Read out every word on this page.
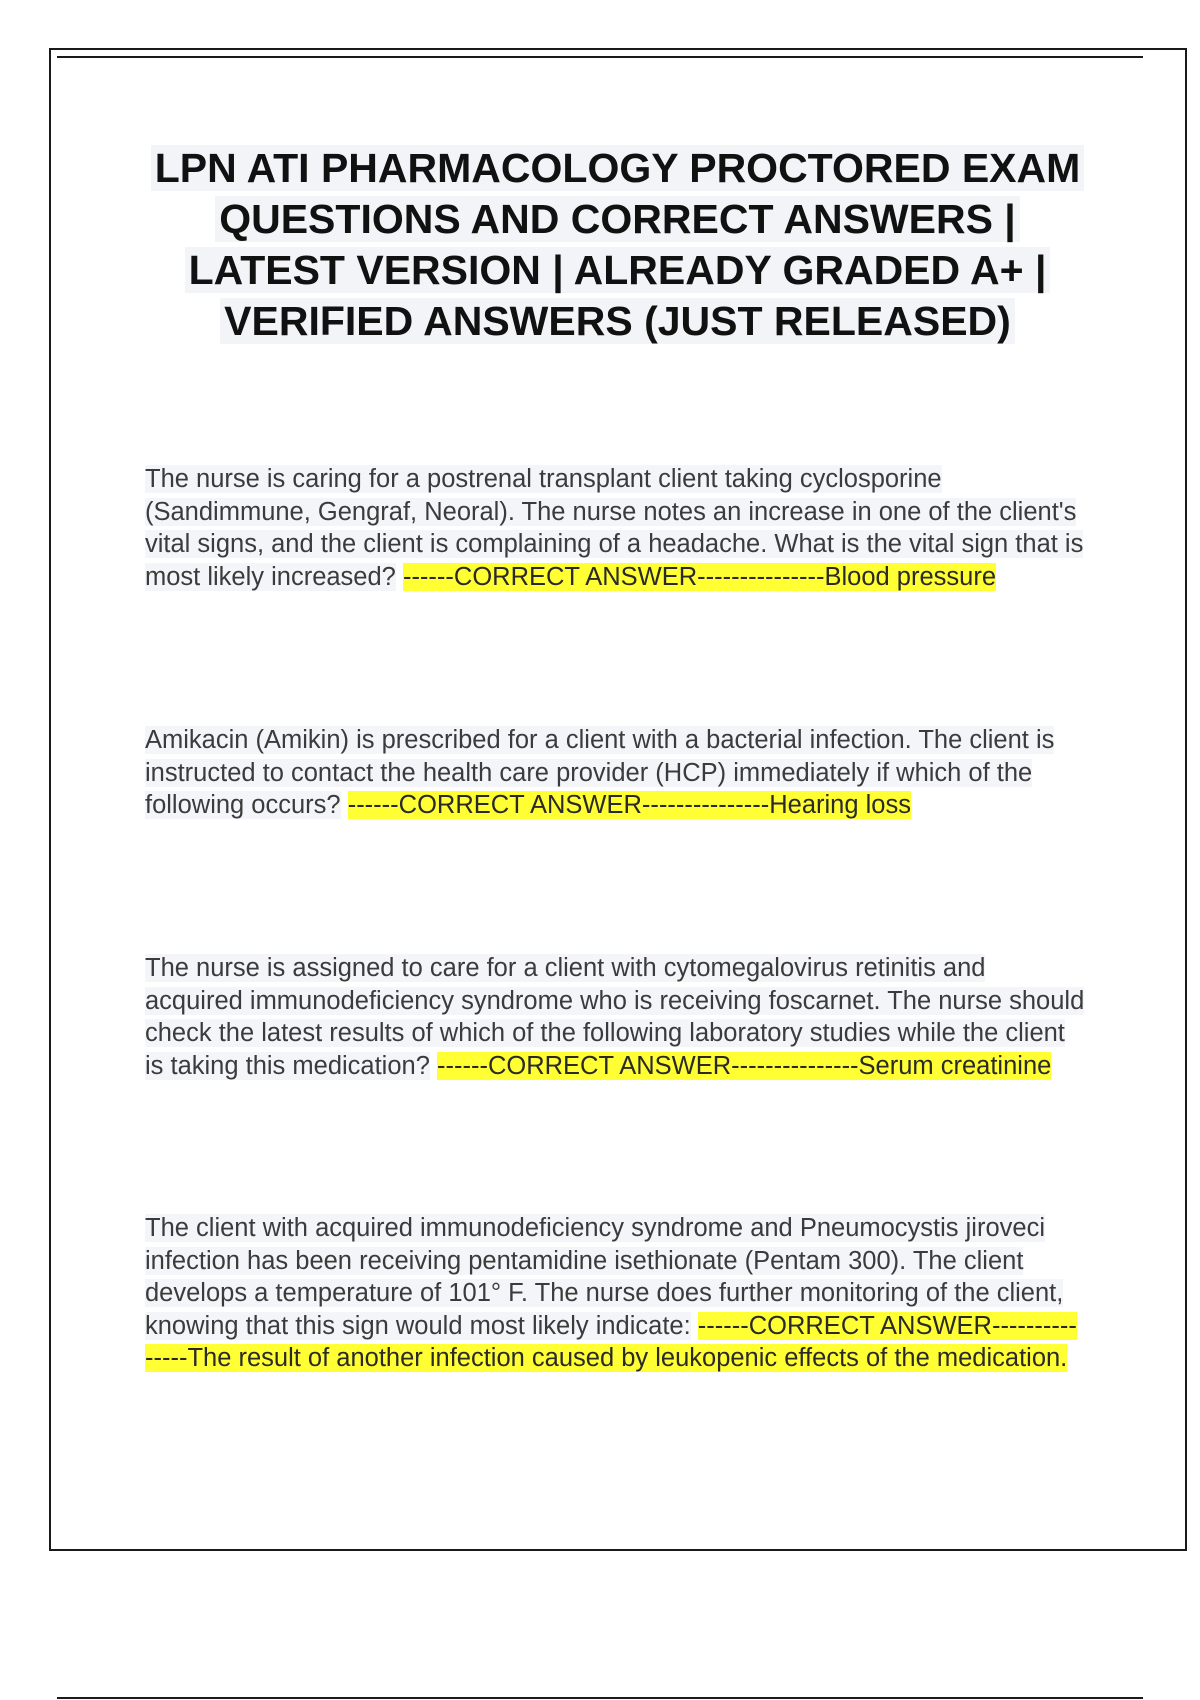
LPN ATI PHARMACOLOGY PROCTORED EXAM QUESTIONS AND CORRECT ANSWERS | LATEST VERSION | ALREADY GRADED A+ | VERIFIED ANSWERS (JUST RELEASED)

The nurse is caring for a postrenal transplant client taking cyclosporine (Sandimmune, Gengraf, Neoral). The nurse notes an increase in one of the client's vital signs, and the client is complaining of a headache. What is the vital sign that is most likely increased? ------CORRECT ANSWER---------------Blood pressure

Amikacin (Amikin) is prescribed for a client with a bacterial infection. The client is instructed to contact the health care provider (HCP) immediately if which of the following occurs? ------CORRECT ANSWER---------------Hearing loss

The nurse is assigned to care for a client with cytomegalovirus retinitis and acquired immunodeficiency syndrome who is receiving foscarnet. The nurse should check the latest results of which of the following laboratory studies while the client is taking this medication? ------CORRECT ANSWER---------------Serum creatinine

The client with acquired immunodeficiency syndrome and Pneumocystis jiroveci infection has been receiving pentamidine isethionate (Pentam 300). The client develops a temperature of 101° F. The nurse does further monitoring of the client, knowing that this sign would most likely indicate: ------CORRECT ANSWER---------------The result of another infection caused by leukopenic effects of the medication.
